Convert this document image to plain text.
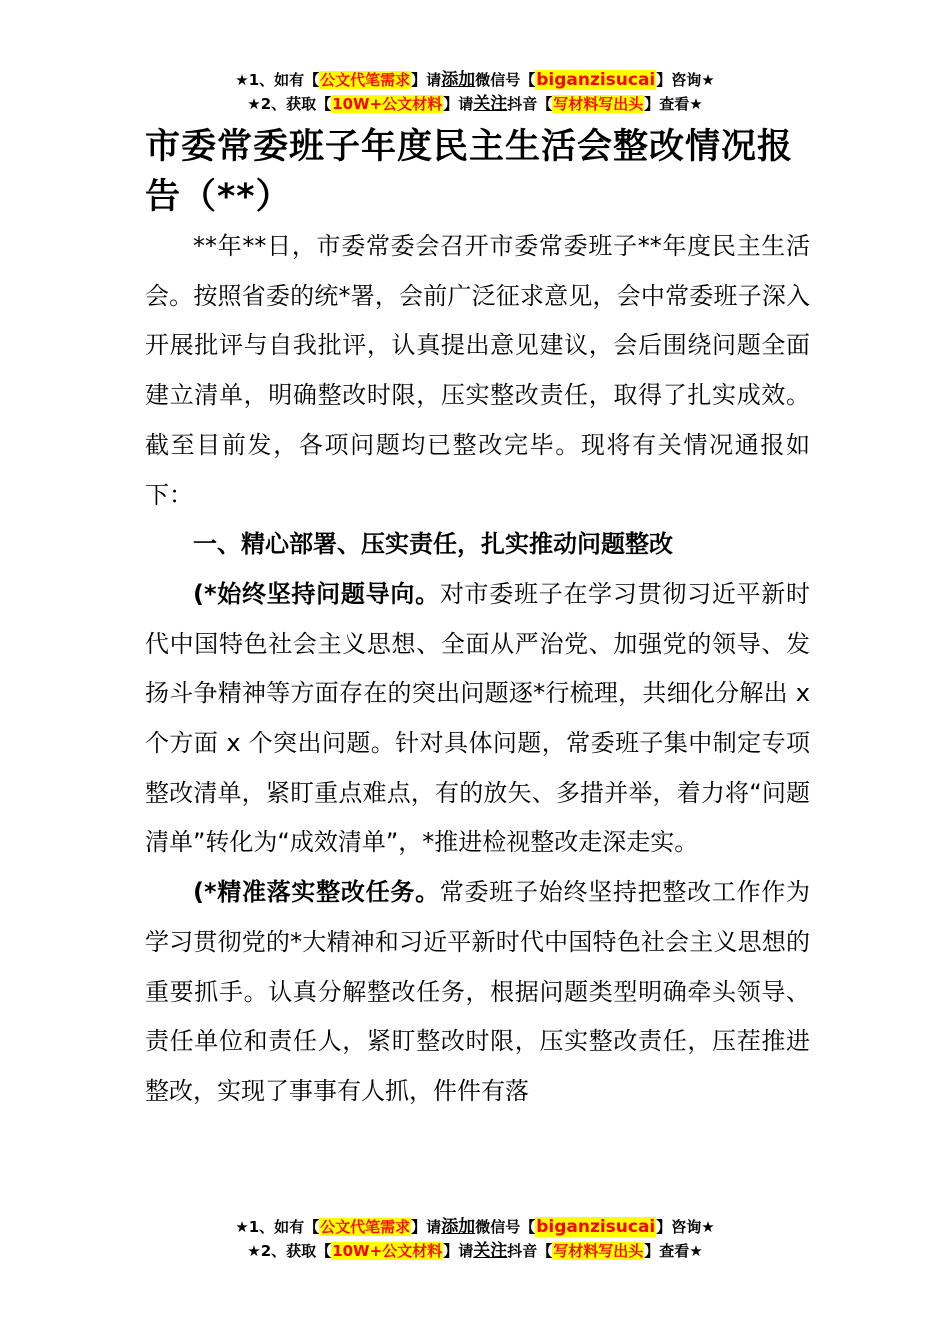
★1、如有【公文代笔需求】请添加微信号【biganzisucai】咨询★
★2、获取【10W+公文材料】请关注抖音【写材料写出头】查看★
市委常委班子年度民主生活会整改情况报告（**）

**年**日，市委常委会召开市委常委班子**年度民主生活会。按照省委的统*署，会前广泛征求意见，会中常委班子深入开展批评与自我批评，认真提出意见建议，会后围绕问题全面建立清单，明确整改时限，压实整改责任，取得了扎实成效。截至目前发，各项问题均已整改完毕。现将有关情况通报如下：

一、精心部署、压实责任，扎实推动问题整改

(*始终坚持问题导向。对市委班子在学习贯彻习近平新时代中国特色社会主义思想、全面从严治党、加强党的领导、发扬斗争精神等方面存在的突出问题逐*行梳理，共细化分解出 x 个方面 x 个突出问题。针对具体问题，常委班子集中制定专项整改清单，紧盯重点难点，有的放矢、多措并举，着力将“问题清单”转化为“成效清单”，*推进检视整改走深走实。

(*精准落实整改任务。常委班子始终坚持把整改工作作为学习贯彻党的*大精神和习近平新时代中国特色社会主义思想的重要抓手。认真分解整改任务，根据问题类型明确牵头领导、责任单位和责任人，紧盯整改时限，压实整改责任，压茬推进整改，实现了事事有人抓，件件有落

★1、如有【公文代笔需求】请添加微信号【biganzisucai】咨询★
★2、获取【10W+公文材料】请关注抖音【写材料写出头】查看★
